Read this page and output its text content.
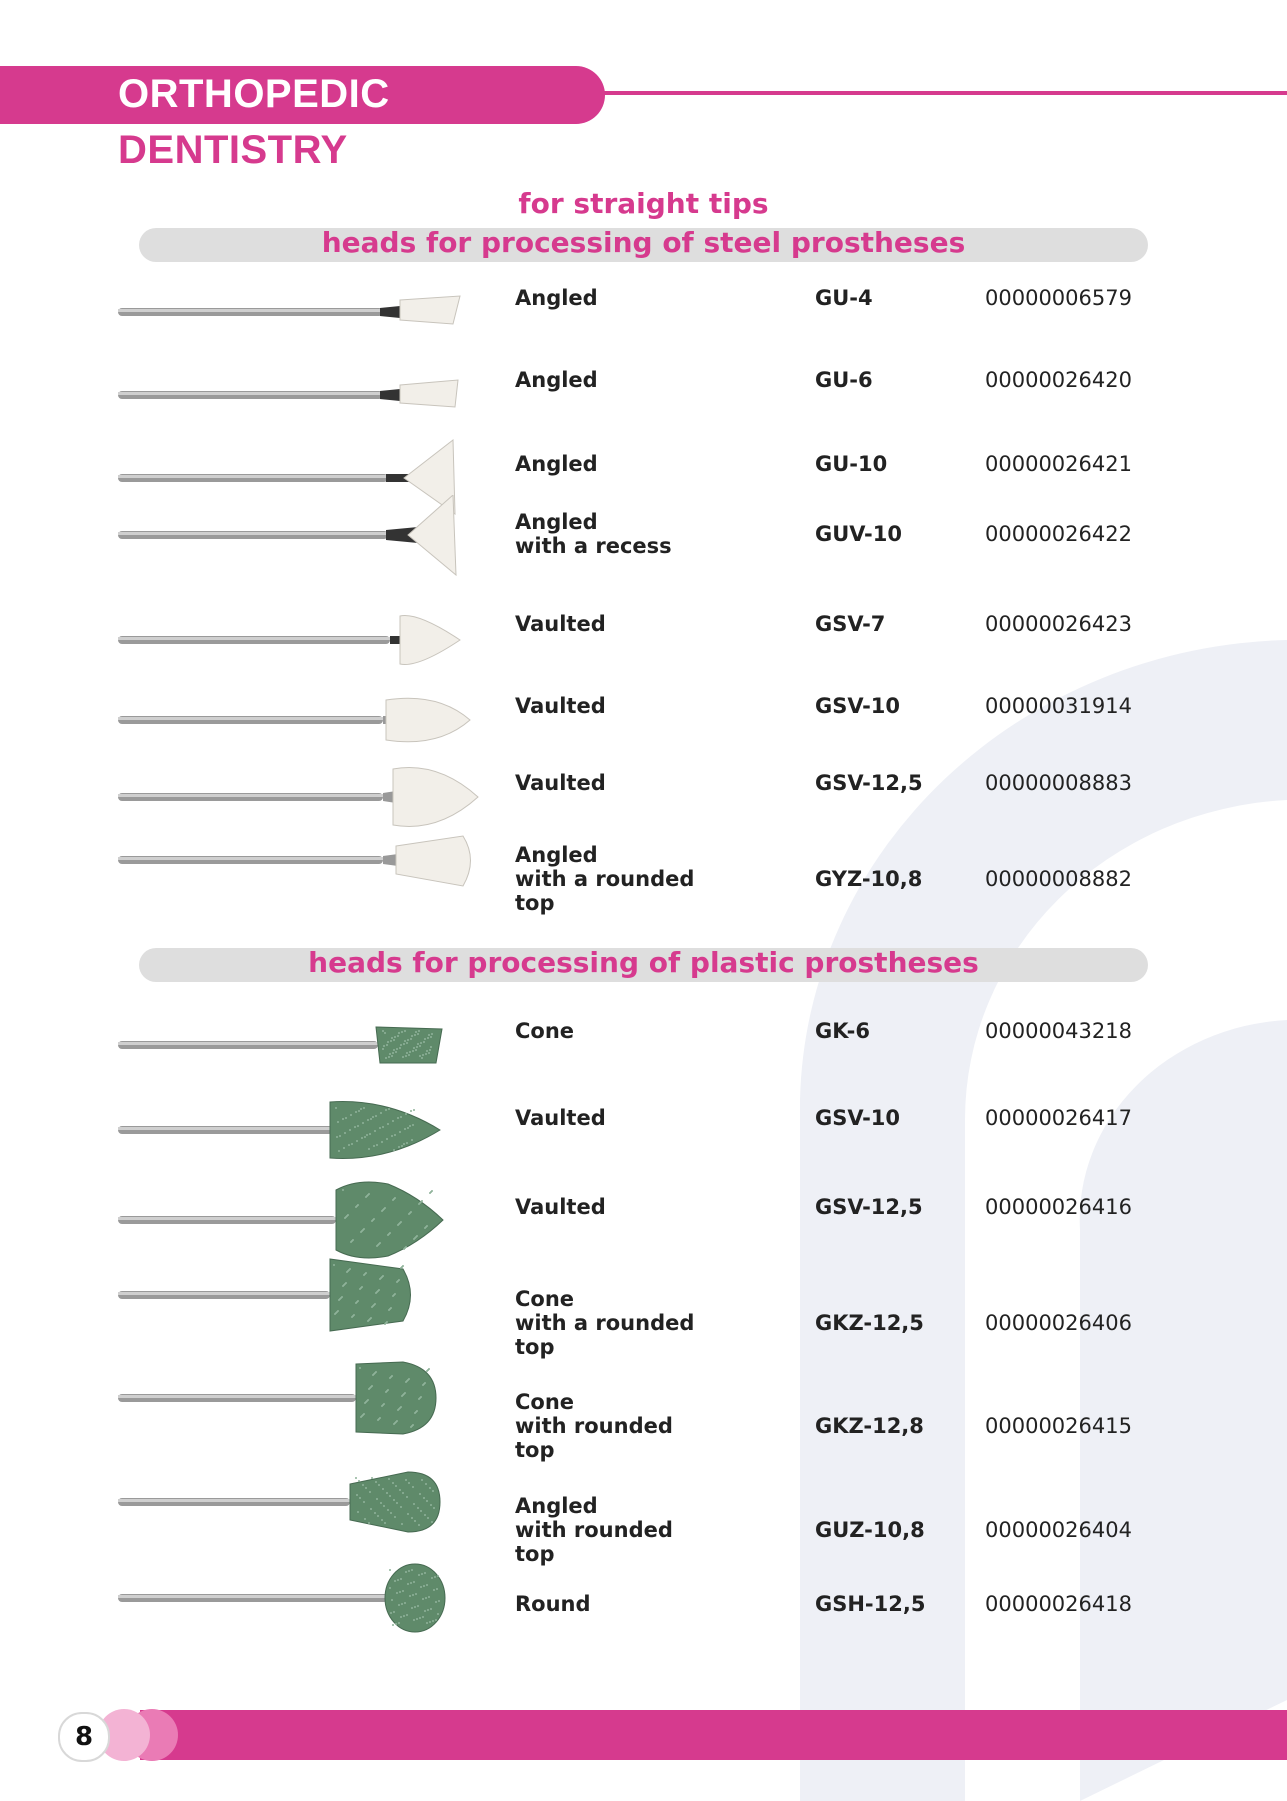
ORTHOPEDIC
DENTISTRY
for straight tips
heads for processing of steel prostheses
heads for processing of plastic prostheses
Angled	GU-4	00000006579
Angled	GU-6	00000026420
Angled	GU-10	00000026421
Angled
with a recess	GUV-10	00000026422
Vaulted	GSV-7	00000026423
Vaulted	GSV-10	00000031914
Vaulted	GSV-12,5	00000008883
Angled
with a rounded
top
GYZ-10,8	00000008882
Cone	GK-6	00000043218
Vaulted	GSV-10	00000026417
Vaulted	GSV-12,5	00000026416
Cone
with a rounded
top
GKZ-12,5	00000026406
Cone
with rounded
top
GKZ-12,8	00000026415
Angled
with rounded
top
GUZ-10,8	00000026404
Round	GSH-12,5	00000026418
8
